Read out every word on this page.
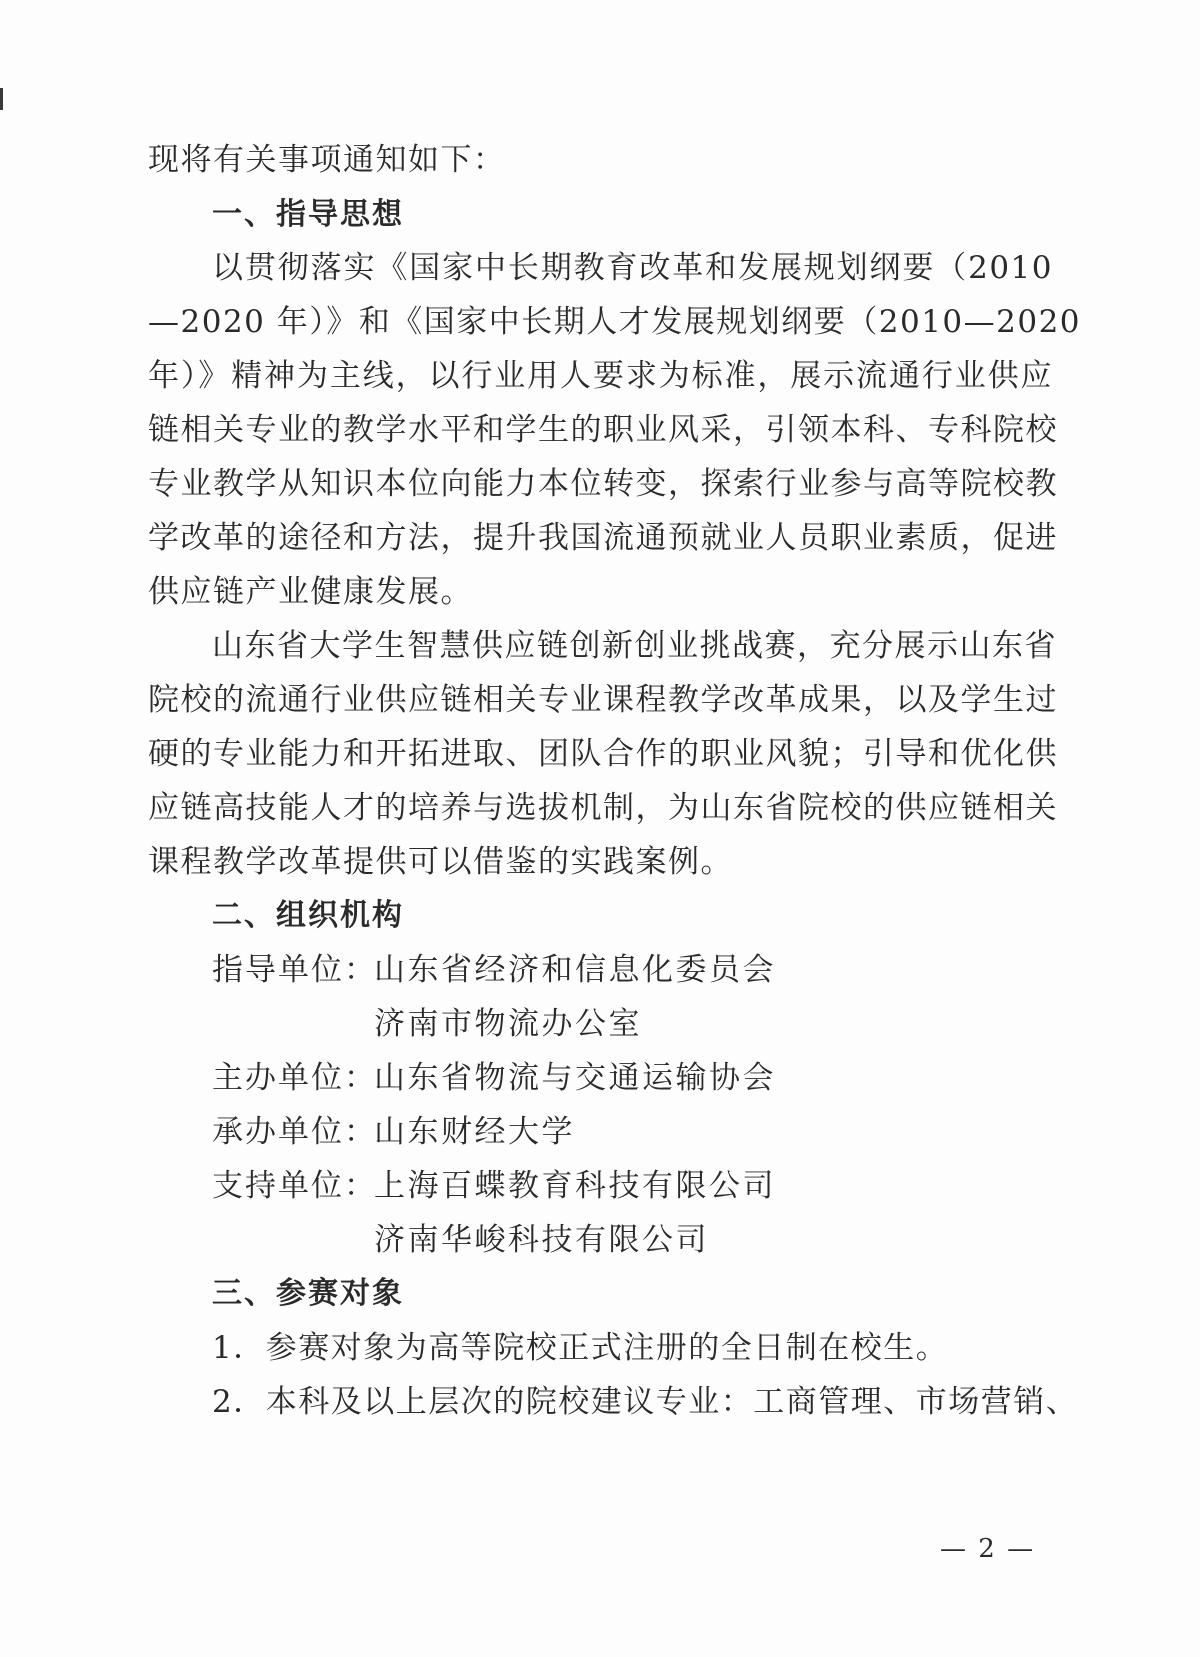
现将有关事项通知如下：
一、指导思想
以贯彻落实《国家中长期教育改革和发展规划纲要（2010
—2020 年）》和《国家中长期人才发展规划纲要（2010—2020
年）》精神为主线，以行业用人要求为标准，展示流通行业供应
链相关专业的教学水平和学生的职业风采，引领本科、专科院校
专业教学从知识本位向能力本位转变，探索行业参与高等院校教
学改革的途径和方法，提升我国流通预就业人员职业素质，促进
供应链产业健康发展。
山东省大学生智慧供应链创新创业挑战赛，充分展示山东省
院校的流通行业供应链相关专业课程教学改革成果，以及学生过
硬的专业能力和开拓进取、团队合作的职业风貌；引导和优化供
应链高技能人才的培养与选拔机制，为山东省院校的供应链相关
课程教学改革提供可以借鉴的实践案例。
二、组织机构
指导单位：
山东省经济和信息化委员会
济南市物流办公室
主办单位：
山东省物流与交通运输协会
承办单位：
山东财经大学
支持单位：
上海百蝶教育科技有限公司
济南华峻科技有限公司
三、参赛对象
1．参赛对象为高等院校正式注册的全日制在校生。
2．本科及以上层次的院校建议专业：工商管理、市场营销、
— 2 —
